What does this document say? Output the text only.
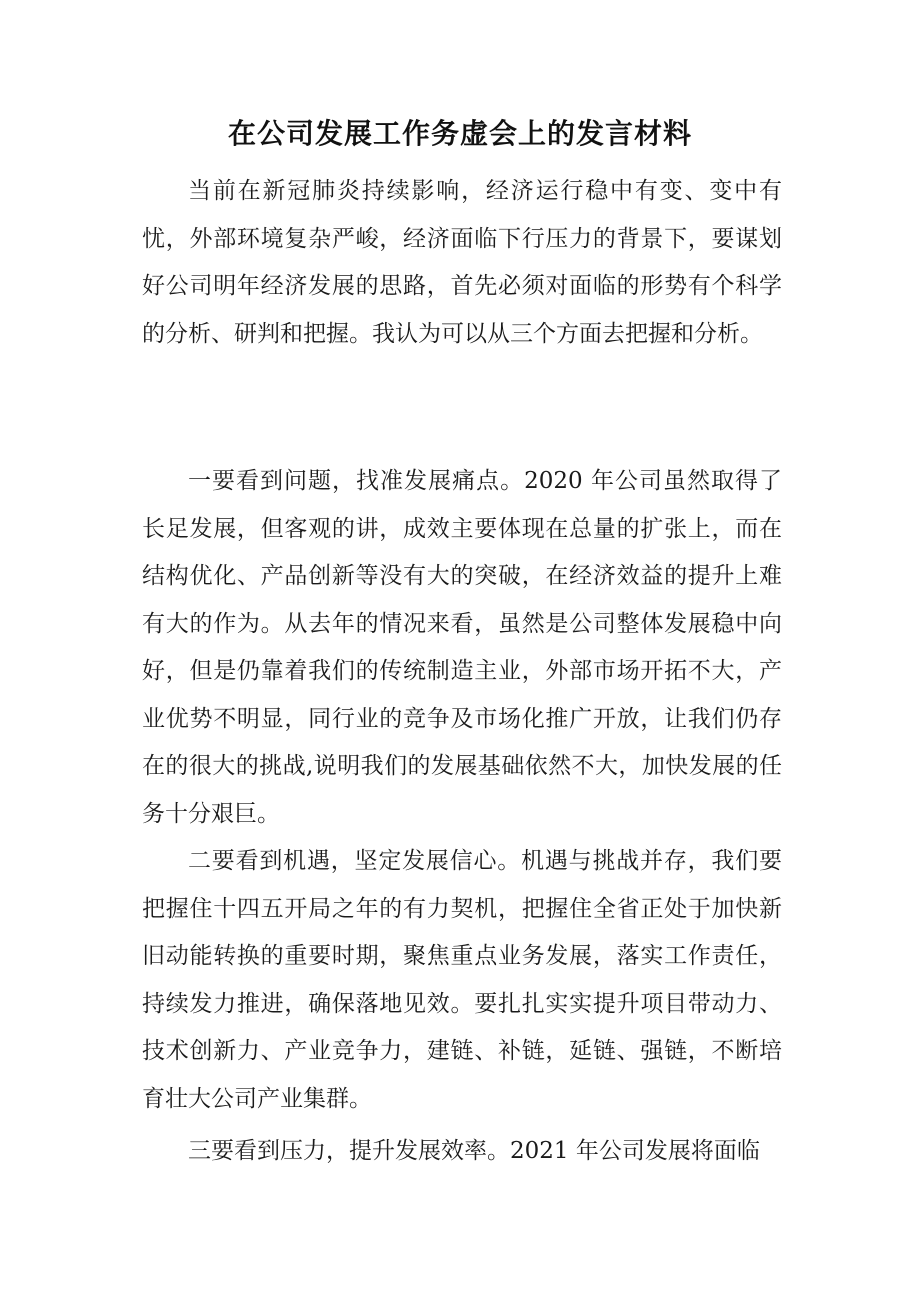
在公司发展工作务虚会上的发言材料

当前在新冠肺炎持续影响，经济运行稳中有变、变中有忧，外部环境复杂严峻，经济面临下行压力的背景下，要谋划好公司明年经济发展的思路，首先必须对面临的形势有个科学的分析、研判和把握。我认为可以从三个方面去把握和分析。

一要看到问题，找准发展痛点。2020 年公司虽然取得了长足发展，但客观的讲，成效主要体现在总量的扩张上，而在结构优化、产品创新等没有大的突破，在经济效益的提升上难有大的作为。从去年的情况来看，虽然是公司整体发展稳中向好，但是仍靠着我们的传统制造主业，外部市场开拓不大，产业优势不明显，同行业的竞争及市场化推广开放，让我们仍存在的很大的挑战,说明我们的发展基础依然不大，加快发展的任务十分艰巨。

二要看到机遇，坚定发展信心。机遇与挑战并存，我们要把握住十四五开局之年的有力契机，把握住全省正处于加快新旧动能转换的重要时期，聚焦重点业务发展，落实工作责任，持续发力推进，确保落地见效。要扎扎实实提升项目带动力、技术创新力、产业竞争力，建链、补链，延链、强链，不断培育壮大公司产业集群。

三要看到压力，提升发展效率。2021 年公司发展将面临
